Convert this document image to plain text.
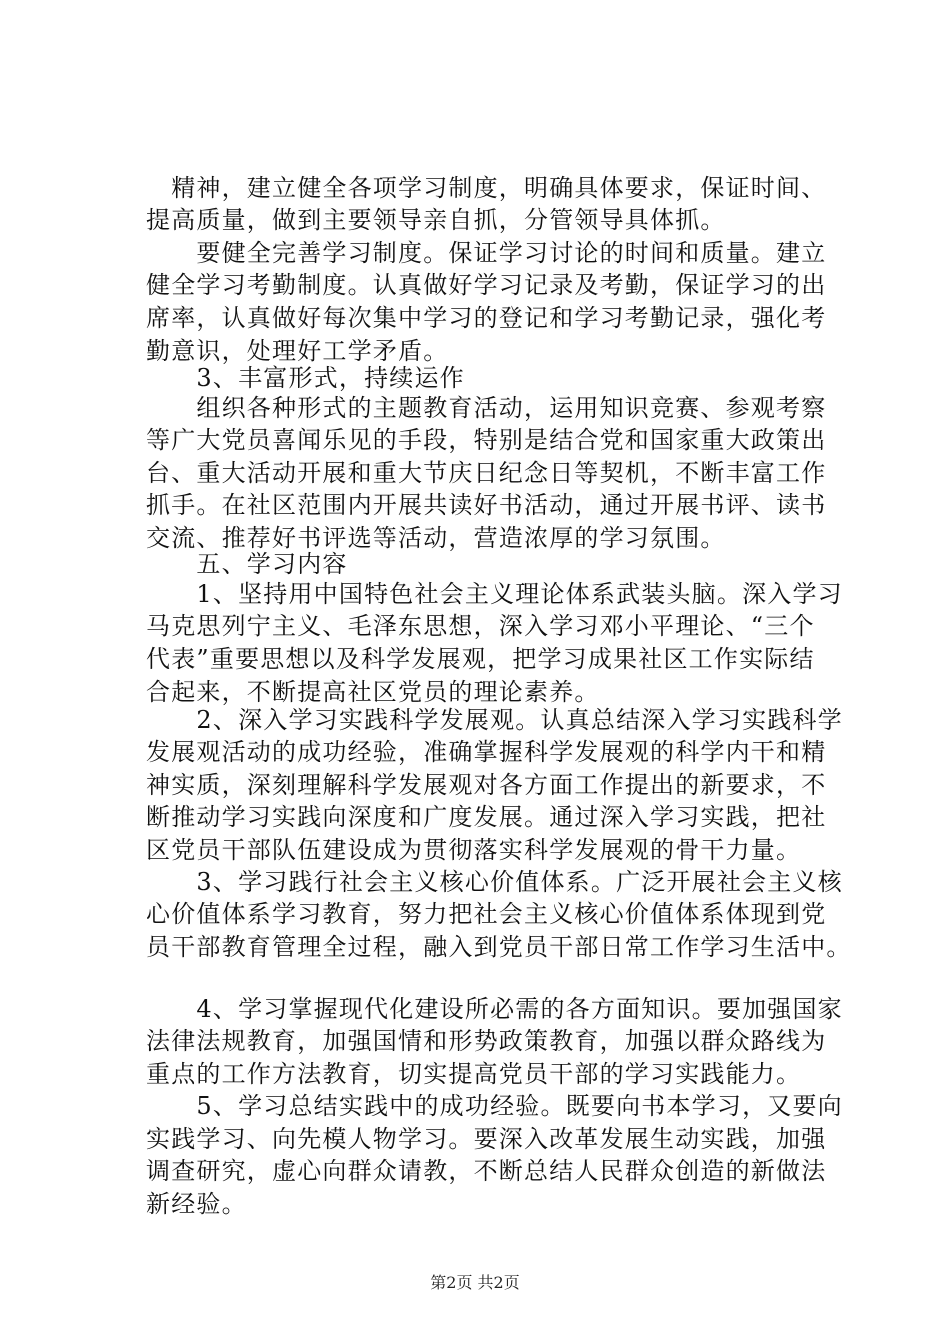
　精神，建立健全各项学习制度，明确具体要求，保证时间、
提高质量，做到主要领导亲自抓，分管领导具体抓。
　　要健全完善学习制度。保证学习讨论的时间和质量。建立
健全学习考勤制度。认真做好学习记录及考勤，保证学习的出
席率，认真做好每次集中学习的登记和学习考勤记录，强化考
勤意识，处理好工学矛盾。
　　3、丰富形式，持续运作
　　组织各种形式的主题教育活动，运用知识竞赛、参观考察
等广大党员喜闻乐见的手段，特别是结合党和国家重大政策出
台、重大活动开展和重大节庆日纪念日等契机，不断丰富工作
抓手。在社区范围内开展共读好书活动，通过开展书评、读书
交流、推荐好书评选等活动，营造浓厚的学习氛围。
　　五、学习内容
　　1、坚持用中国特色社会主义理论体系武装头脑。深入学习
马克思列宁主义、毛泽东思想，深入学习邓小平理论、“三个
代表”重要思想以及科学发展观，把学习成果社区工作实际结
合起来，不断提高社区党员的理论素养。
　　2、深入学习实践科学发展观。认真总结深入学习实践科学
发展观活动的成功经验，准确掌握科学发展观的科学内干和精
神实质，深刻理解科学发展观对各方面工作提出的新要求，不
断推动学习实践向深度和广度发展。通过深入学习实践，把社
区党员干部队伍建设成为贯彻落实科学发展观的骨干力量。
　　3、学习践行社会主义核心价值体系。广泛开展社会主义核
心价值体系学习教育，努力把社会主义核心价值体系体现到党
员干部教育管理全过程，融入到党员干部日常工作学习生活中。
　　4、学习掌握现代化建设所必需的各方面知识。要加强国家
法律法规教育，加强国情和形势政策教育，加强以群众路线为
重点的工作方法教育，切实提高党员干部的学习实践能力。
　　5、学习总结实践中的成功经验。既要向书本学习，又要向
实践学习、向先模人物学习。要深入改革发展生动实践，加强
调查研究，虚心向群众请教，不断总结人民群众创造的新做法
新经验。
第2页 共2页
